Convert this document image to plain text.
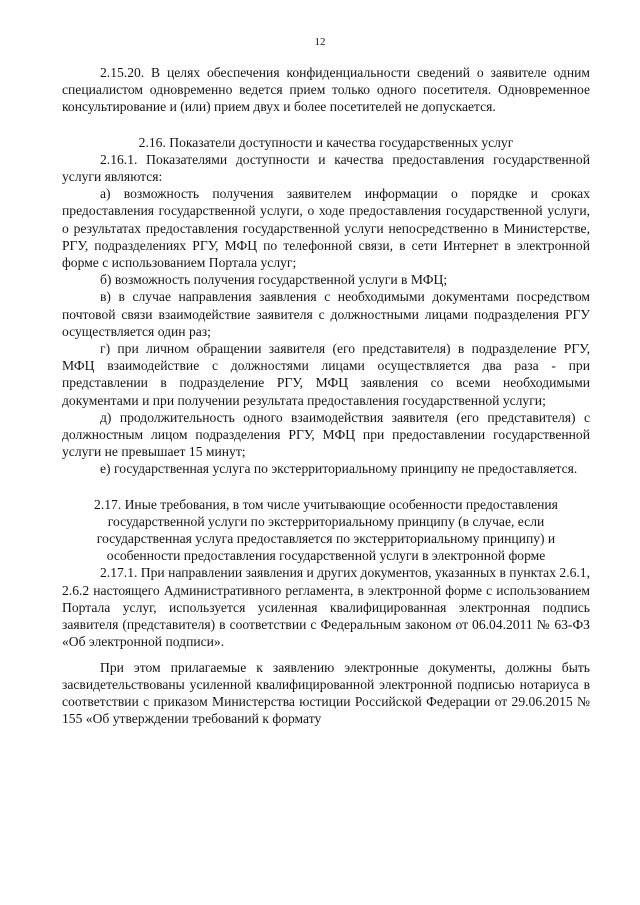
12

2.15.20. В целях обеспечения конфиденциальности сведений о заявителе одним специалистом одновременно ведется прием только одного посетителя. Одновременное консультирование и (или) прием двух и более посетителей не допускается.

2.16. Показатели доступности и качества государственных услуг

2.16.1. Показателями доступности и качества предоставления государственной услуги являются:

а) возможность получения заявителем информации о порядке и сроках предоставления государственной услуги, о ходе предоставления государственной услуги, о результатах предоставления государственной услуги непосредственно в Министерстве, РГУ, подразделениях РГУ, МФЦ по телефонной связи, в сети Интернет в электронной форме с использованием Портала услуг;

б) возможность получения государственной услуги в МФЦ;

в) в случае направления заявления с необходимыми документами посредством почтовой связи взаимодействие заявителя с должностными лицами подразделения РГУ осуществляется один раз;

г) при личном обращении заявителя (его представителя) в подразделение РГУ, МФЦ взаимодействие с должностями лицами осуществляется два раза - при представлении в подразделение РГУ, МФЦ заявления со всеми необходимыми документами и при получении результата предоставления государственной услуги;

д) продолжительность одного взаимодействия заявителя (его представителя) с должностным лицом подразделения РГУ, МФЦ при предоставлении государственной услуги не превышает 15 минут;

е) государственная услуга по экстерриториальному принципу не предоставляется.

2.17. Иные требования, в том числе учитывающие особенности предоставления государственной услуги по экстерриториальному принципу (в случае, если государственная услуга предоставляется по экстерриториальному принципу) и особенности предоставления государственной услуги в электронной форме

2.17.1. При направлении заявления и других документов, указанных в пунктах 2.6.1, 2.6.2 настоящего Административного регламента, в электронной форме с использованием Портала услуг, используется усиленная квалифицированная электронная подпись заявителя (представителя) в соответствии с Федеральным законом от 06.04.2011 № 63-ФЗ «Об электронной подписи».

При этом прилагаемые к заявлению электронные документы, должны быть засвидетельствованы усиленной квалифицированной электронной подписью нотариуса в соответствии с приказом Министерства юстиции Российской Федерации от 29.06.2015 № 155 «Об утверждении требований к формату
